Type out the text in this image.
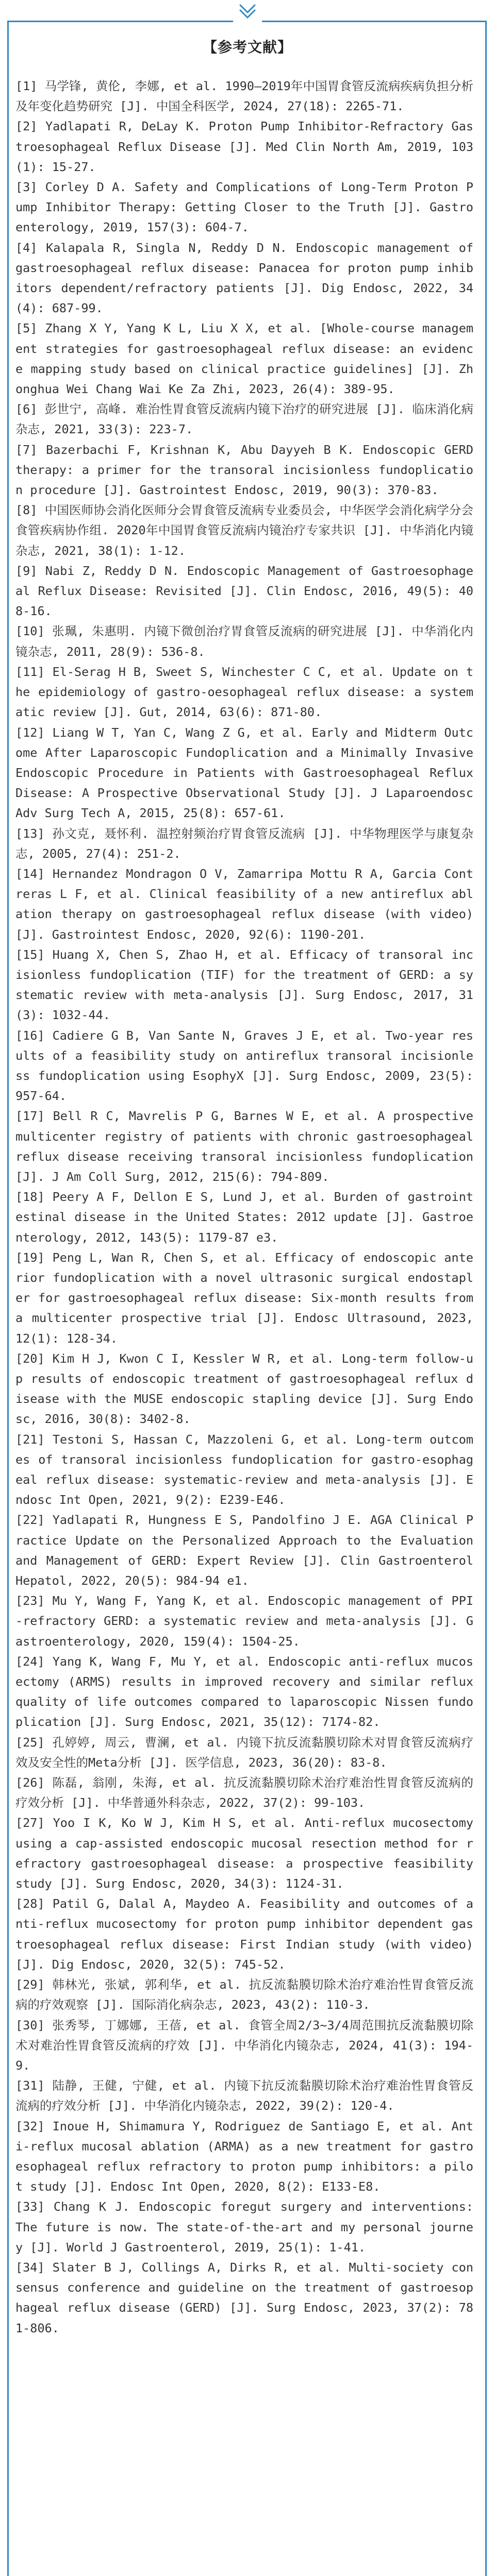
【参考文献】
[1] 马学锋, 黄伦, 李娜, et al. 1990—2019年中国胃食管反流病疾病负担分析及年变化趋势研究 [J]. 中国全科医学, 2024, 27(18): 2265-71.
[2] Yadlapati R, DeLay K. Proton Pump Inhibitor-Refractory Gastroesophageal Reflux Disease [J]. Med Clin North Am, 2019, 103(1): 15-27.
[3] Corley D A. Safety and Complications of Long-Term Proton Pump Inhibitor Therapy: Getting Closer to the Truth [J]. Gastroenterology, 2019, 157(3): 604-7.
[4] Kalapala R, Singla N, Reddy D N. Endoscopic management of gastroesophageal reflux disease: Panacea for proton pump inhibitors dependent/refractory patients [J]. Dig Endosc, 2022, 34(4): 687-99.
[5] Zhang X Y, Yang K L, Liu X X, et al. [Whole-course management strategies for gastroesophageal reflux disease: an evidence mapping study based on clinical practice guidelines] [J]. Zhonghua Wei Chang Wai Ke Za Zhi, 2023, 26(4): 389-95.
[6] 彭世宁, 高峰. 难治性胃食管反流病内镜下治疗的研究进展 [J]. 临床消化病杂志, 2021, 33(3): 223-7.
[7] Bazerbachi F, Krishnan K, Abu Dayyeh B K. Endoscopic GERD therapy: a primer for the transoral incisionless fundoplication procedure [J]. Gastrointest Endosc, 2019, 90(3): 370-83.
[8] 中国医师协会消化医师分会胃食管反流病专业委员会, 中华医学会消化病学分会食管疾病协作组. 2020年中国胃食管反流病内镜治疗专家共识 [J]. 中华消化内镜杂志, 2021, 38(1): 1-12.
[9] Nabi Z, Reddy D N. Endoscopic Management of Gastroesophageal Reflux Disease: Revisited [J]. Clin Endosc, 2016, 49(5): 408-16.
[10] 张珮, 朱惠明. 内镜下微创治疗胃食管反流病的研究进展 [J]. 中华消化内镜杂志, 2011, 28(9): 536-8.
[11] El-Serag H B, Sweet S, Winchester C C, et al. Update on the epidemiology of gastro-oesophageal reflux disease: a systematic review [J]. Gut, 2014, 63(6): 871-80.
[12] Liang W T, Yan C, Wang Z G, et al. Early and Midterm Outcome After Laparoscopic Fundoplication and a Minimally Invasive Endoscopic Procedure in Patients with Gastroesophageal Reflux Disease: A Prospective Observational Study [J]. J Laparoendosc Adv Surg Tech A, 2015, 25(8): 657-61.
[13] 孙文克, 聂怀利. 温控射频治疗胃食管反流病 [J]. 中华物理医学与康复杂志, 2005, 27(4): 251-2.
[14] Hernandez Mondragon O V, Zamarripa Mottu R A, Garcia Contreras L F, et al. Clinical feasibility of a new antireflux ablation therapy on gastroesophageal reflux disease (with video) [J]. Gastrointest Endosc, 2020, 92(6): 1190-201.
[15] Huang X, Chen S, Zhao H, et al. Efficacy of transoral incisionless fundoplication (TIF) for the treatment of GERD: a systematic review with meta-analysis [J]. Surg Endosc, 2017, 31(3): 1032-44.
[16] Cadiere G B, Van Sante N, Graves J E, et al. Two-year results of a feasibility study on antireflux transoral incisionless fundoplication using EsophyX [J]. Surg Endosc, 2009, 23(5): 957-64.
[17] Bell R C, Mavrelis P G, Barnes W E, et al. A prospective multicenter registry of patients with chronic gastroesophageal reflux disease receiving transoral incisionless fundoplication [J]. J Am Coll Surg, 2012, 215(6): 794-809.
[18] Peery A F, Dellon E S, Lund J, et al. Burden of gastrointestinal disease in the United States: 2012 update [J]. Gastroenterology, 2012, 143(5): 1179-87 e3.
[19] Peng L, Wan R, Chen S, et al. Efficacy of endoscopic anterior fundoplication with a novel ultrasonic surgical endostapler for gastroesophageal reflux disease: Six-month results from a multicenter prospective trial [J]. Endosc Ultrasound, 2023, 12(1): 128-34.
[20] Kim H J, Kwon C I, Kessler W R, et al. Long-term follow-up results of endoscopic treatment of gastroesophageal reflux disease with the MUSE endoscopic stapling device [J]. Surg Endosc, 2016, 30(8): 3402-8.
[21] Testoni S, Hassan C, Mazzoleni G, et al. Long-term outcomes of transoral incisionless fundoplication for gastro-esophageal reflux disease: systematic-review and meta-analysis [J]. Endosc Int Open, 2021, 9(2): E239-E46.
[22] Yadlapati R, Hungness E S, Pandolfino J E. AGA Clinical Practice Update on the Personalized Approach to the Evaluation and Management of GERD: Expert Review [J]. Clin Gastroenterol Hepatol, 2022, 20(5): 984-94 e1.
[23] Mu Y, Wang F, Yang K, et al. Endoscopic management of PPI-refractory GERD: a systematic review and meta-analysis [J]. Gastroenterology, 2020, 159(4): 1504-25.
[24] Yang K, Wang F, Mu Y, et al. Endoscopic anti-reflux mucosectomy (ARMS) results in improved recovery and similar reflux quality of life outcomes compared to laparoscopic Nissen fundoplication [J]. Surg Endosc, 2021, 35(12): 7174-82.
[25] 孔婷婷, 周云, 曹澜, et al. 内镜下抗反流黏膜切除术对胃食管反流病疗效及安全性的Meta分析 [J]. 医学信息, 2023, 36(20): 83-8.
[26] 陈磊, 翁刚, 朱海, et al. 抗反流黏膜切除术治疗难治性胃食管反流病的疗效分析 [J]. 中华普通外科杂志, 2022, 37(2): 99-103.
[27] Yoo I K, Ko W J, Kim H S, et al. Anti-reflux mucosectomy using a cap-assisted endoscopic mucosal resection method for refractory gastroesophageal disease: a prospective feasibility study [J]. Surg Endosc, 2020, 34(3): 1124-31.
[28] Patil G, Dalal A, Maydeo A. Feasibility and outcomes of anti-reflux mucosectomy for proton pump inhibitor dependent gastroesophageal reflux disease: First Indian study (with video) [J]. Dig Endosc, 2020, 32(5): 745-52.
[29] 韩林光, 张斌, 郭利华, et al. 抗反流黏膜切除术治疗难治性胃食管反流病的疗效观察 [J]. 国际消化病杂志, 2023, 43(2): 110-3.
[30] 张秀琴, 丁娜娜, 王蓓, et al. 食管全周2/3~3/4周范围抗反流黏膜切除术对难治性胃食管反流病的疗效 [J]. 中华消化内镜杂志, 2024, 41(3): 194-9.
[31] 陆静, 王健, 宁健, et al. 内镜下抗反流黏膜切除术治疗难治性胃食管反流病的疗效分析 [J]. 中华消化内镜杂志, 2022, 39(2): 120-4.
[32] Inoue H, Shimamura Y, Rodriguez de Santiago E, et al. Anti-reflux mucosal ablation (ARMA) as a new treatment for gastroesophageal reflux refractory to proton pump inhibitors: a pilot study [J]. Endosc Int Open, 2020, 8(2): E133-E8.
[33] Chang K J. Endoscopic foregut surgery and interventions: The future is now. The state-of-the-art and my personal journey [J]. World J Gastroenterol, 2019, 25(1): 1-41.
[34] Slater B J, Collings A, Dirks R, et al. Multi-society consensus conference and guideline on the treatment of gastroesophageal reflux disease (GERD) [J]. Surg Endosc, 2023, 37(2): 781-806.
